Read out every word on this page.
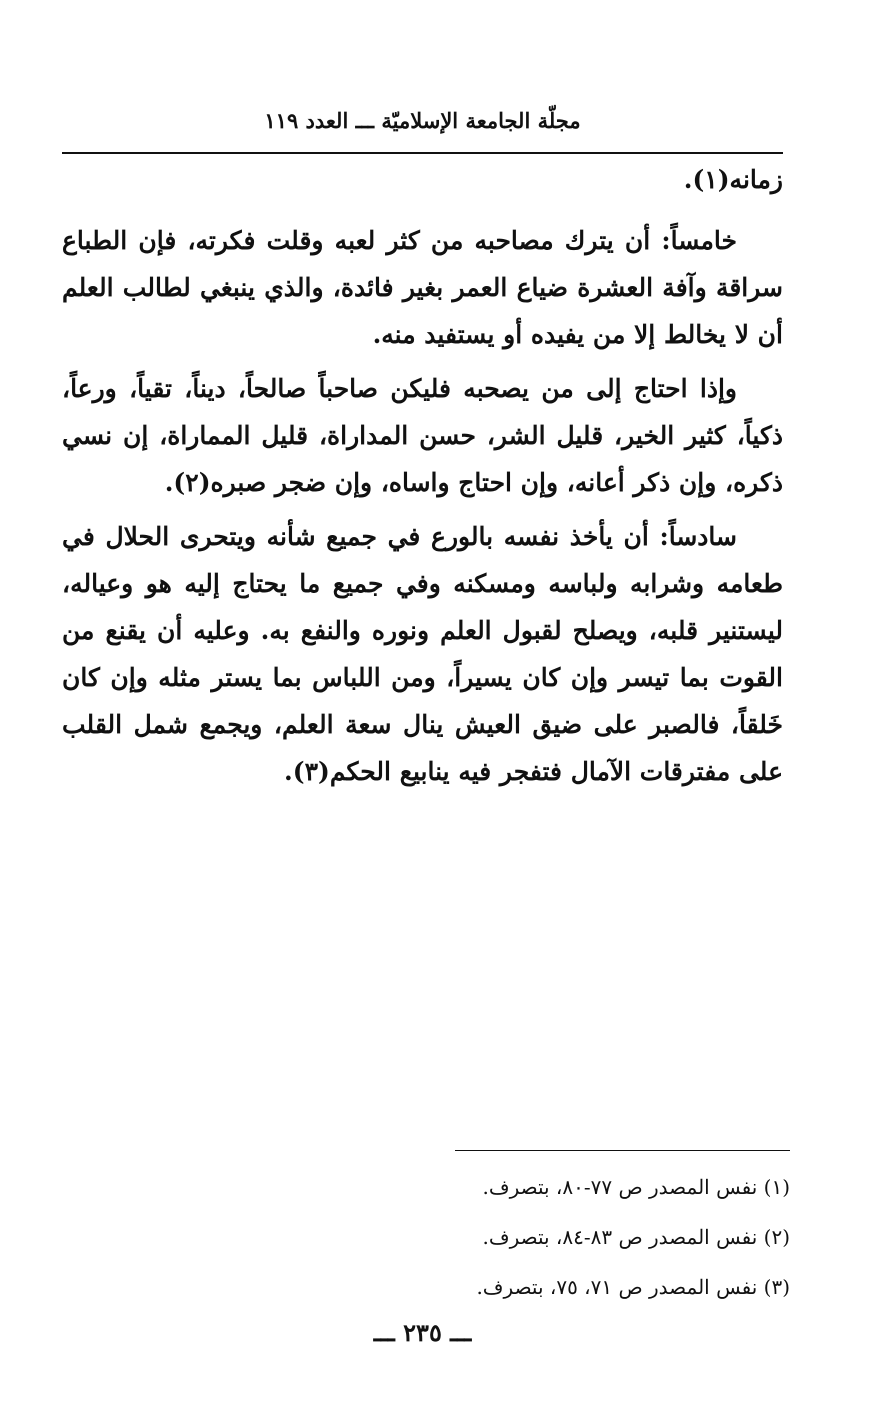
مجلّة الجامعة الإسلاميّة ـــ العدد ١١٩

زمانه(١).

خامساً: أن يترك مصاحبه من كثر لعبه وقلت فكرته، فإن الطباع سراقة وآفة العشرة ضياع العمر بغير فائدة، والذي ينبغي لطالب العلم أن لا يخالط إلا من يفيده أو يستفيد منه.

وإذا احتاج إلى من يصحبه فليكن صاحباً صالحاً، ديناً، تقياً، ورعاً، ذكياً، كثير الخير، قليل الشر، حسن المداراة، قليل المماراة، إن نسي ذكره، وإن ذكر أعانه، وإن احتاج واساه، وإن ضجر صبره(٢).

سادساً: أن يأخذ نفسه بالورع في جميع شأنه ويتحرى الحلال في طعامه وشرابه ولباسه ومسكنه وفي جميع ما يحتاج إليه هو وعياله، ليستنير قلبه، ويصلح لقبول العلم ونوره والنفع به. وعليه أن يقنع من القوت بما تيسر وإن كان يسيراً، ومن اللباس بما يستر مثله وإن كان خَلقاً، فالصبر على ضيق العيش ينال سعة العلم، ويجمع شمل القلب على مفترقات الآمال فتفجر فيه ينابيع الحكم(٣).

(١) نفس المصدر ص ٧٧-٨٠، بتصرف.

(٢) نفس المصدر ص ٨٣-٨٤، بتصرف.

(٣) نفس المصدر ص ٧١، ٧٥، بتصرف.

ـــ ٢٣٥ ـــ
